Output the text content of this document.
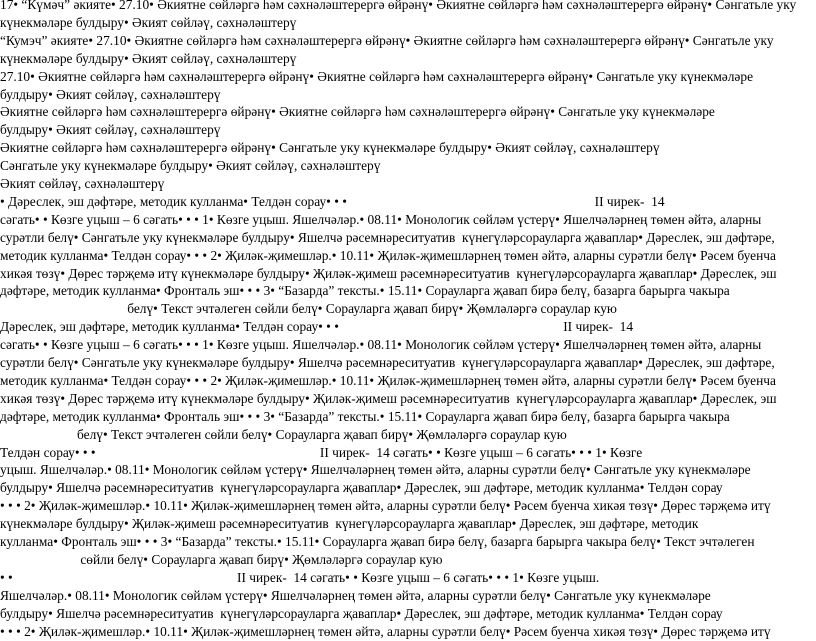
17• “Күмәч” әкияте• 27.10• Әкиятне сөйләргә һәм сәхнәләштерергә өйрәнү• Әкиятне сөйләргә һәм сәхнәләштерергә өйрәнү• Сәнгатьле уку
күнекмәләре булдыру• Әкият сөйләү, сәхнәләштерү
“Кумэч” әкияте• 27.10• Әкиятне сөйләргә һәм сәхнәләштерергә өйрәнү• Әкиятне сөйләргә һәм сәхнәләштерергә өйрәнү• Сәнгатьле уку
күнекмәләре булдыру• Әкият сөйләү, сәхнәләштерү
27.10• Әкиятне сөйләргә һәм сәхнәләштерергә өйрәнү• Әкиятне сөйләргә һәм сәхнәләштерергә өйрәнү• Сәнгатьле уку күнекмәләре
булдыру• Әкият сөйләү, сәхнәләштерү
Әкиятне сөйләргә һәм сәхнәләштерергә өйрәнү• Әкиятне сөйләргә һәм сәхнәләштерергә өйрәнү• Сәнгатьле уку күнекмәләре
булдыру• Әкият сөйләү, сәхнәләштерү
Әкиятне сөйләргә һәм сәхнәләштерергә өйрәнү• Сәнгатьле уку күнекмәләре булдыру• Әкият сөйләү, сәхнәләштерү
Сәнгатьле уку күнекмәләре булдыру• Әкият сөйләү, сәхнәләштерү
Әкият сөйләү, сәхнәләштерү
• Дәреслек, эш дәфтәре, методик кулланма• Телдән сорау• • •                                                                          II чирек-  14
сәгать• • Көзге уцыш – 6 сәгать• • • 1• Көзге уцыш. Яшелчәләр.• 08.11• Монологик сөйләм үстерү• Яшелчәләрнең төмен әйтә, аларны
сурәтли белү• Сәнгатьле уку күнекмәләре булдыру• Яшелчә рәсемнәреситуатив  күнегүләрсорауларга җаваплар• Дәреслек, эш дәфтәре,
методик кулланма• Телдән сорау• • • 2• Җиләк-җимешләр.• 10.11• Җиләк-җимешләрнең төмен әйтә, аларны сурәтли белү• Рәсем буенча
хикәя төзү• Дөрес тәрҗемә итү күнекмәләре булдыру• Җиләк-җимеш рәсемнәреситуатив  күнегүләрсорауларга җаваплар• Дәреслек, эш
дәфтәре, методик кулланма• Фронталь эш• • • 3• “Базарда” тексты.• 15.11• Сорауларга җавап бирә белү, базарга барырга чакыра
белү• Текст эчтәлеген сөйли белү• Сорауларга җавап бирү• Җөмләләргә сораулар кую
Дәреслек, эш дәфтәре, методик кулланма• Телдән сорау• • •                                                                   II чирек-  14
сәгать• • Көзге уцыш – 6 сәгать• • • 1• Көзге уцыш. Яшелчәләр.• 08.11• Монологик сөйләм үстерү• Яшелчәләрнең төмен әйтә, аларны
сурәтли белү• Сәнгатьле уку күнекмәләре булдыру• Яшелчә рәсемнәреситуатив  күнегүләрсорауларга җаваплар• Дәреслек, эш дәфтәре,
методик кулланма• Телдән сорау• • • 2• Җиләк-җимешләр.• 10.11• Җиләк-җимешләрнең төмен әйтә, аларны сурәтли белү• Рәсем буенча
хикәя төзү• Дөрес тәрҗемә итү күнекмәләре булдыру• Җиләк-җимеш рәсемнәреситуатив  күнегүләрсорауларга җаваплар• Дәреслек, эш
дәфтәре, методик кулланма• Фронталь эш• • • 3• “Базарда” тексты.• 15.11• Сорауларга җавап бирә белү, базарга барырга чакыра
белү• Текст эчтәлеген сөйли белү• Сорауларга җавап бирү• Җөмләләргә сораулар кую
Телдән сорау• • •                                                                   II чирек-  14 сәгать• • Көзге уцыш – 6 сәгать• • • 1• Көзге
уцыш. Яшелчәләр.• 08.11• Монологик сөйләм үстерү• Яшелчәләрнең төмен әйтә, аларны сурәтли белү• Сәнгатьле уку күнекмәләре
булдыру• Яшелчә рәсемнәреситуатив  күнегүләрсорауларга җаваплар• Дәреслек, эш дәфтәре, методик кулланма• Телдән сорау
• • • 2• Җиләк-җимешләр.• 10.11• Җиләк-җимешләрнең төмен әйтә, аларны сурәтли белү• Рәсем буенча хикәя төзү• Дөрес тәрҗемә итү
күнекмәләре булдыру• Җиләк-җимеш рәсемнәреситуатив  күнегүләрсорауларга җаваплар• Дәреслек, эш дәфтәре, методик
кулланма• Фронталь эш• • • 3• “Базарда” тексты.• 15.11• Сорауларга җавап бирә белү, базарга барырга чакыра белү• Текст эчтәлеген
сөйли белү• Сорауларга җавап бирү• Җөмләләргә сораулар кую
• •                                                                   II чирек-  14 сәгать• • Көзге уцыш – 6 сәгать• • • 1• Көзге уцыш.
Яшелчәләр.• 08.11• Монологик сөйләм үстерү• Яшелчәләрнең төмен әйтә, аларны сурәтли белү• Сәнгатьле уку күнекмәләре
булдыру• Яшелчә рәсемнәреситуатив  күнегүләрсорауларга җаваплар• Дәреслек, эш дәфтәре, методик кулланма• Телдән сорау
• • • 2• Җиләк-җимешләр.• 10.11• Җиләк-җимешләрнең төмен әйтә, аларны сурәтли белү• Рәсем буенча хикәя төзү• Дөрес тәрҗемә итү
